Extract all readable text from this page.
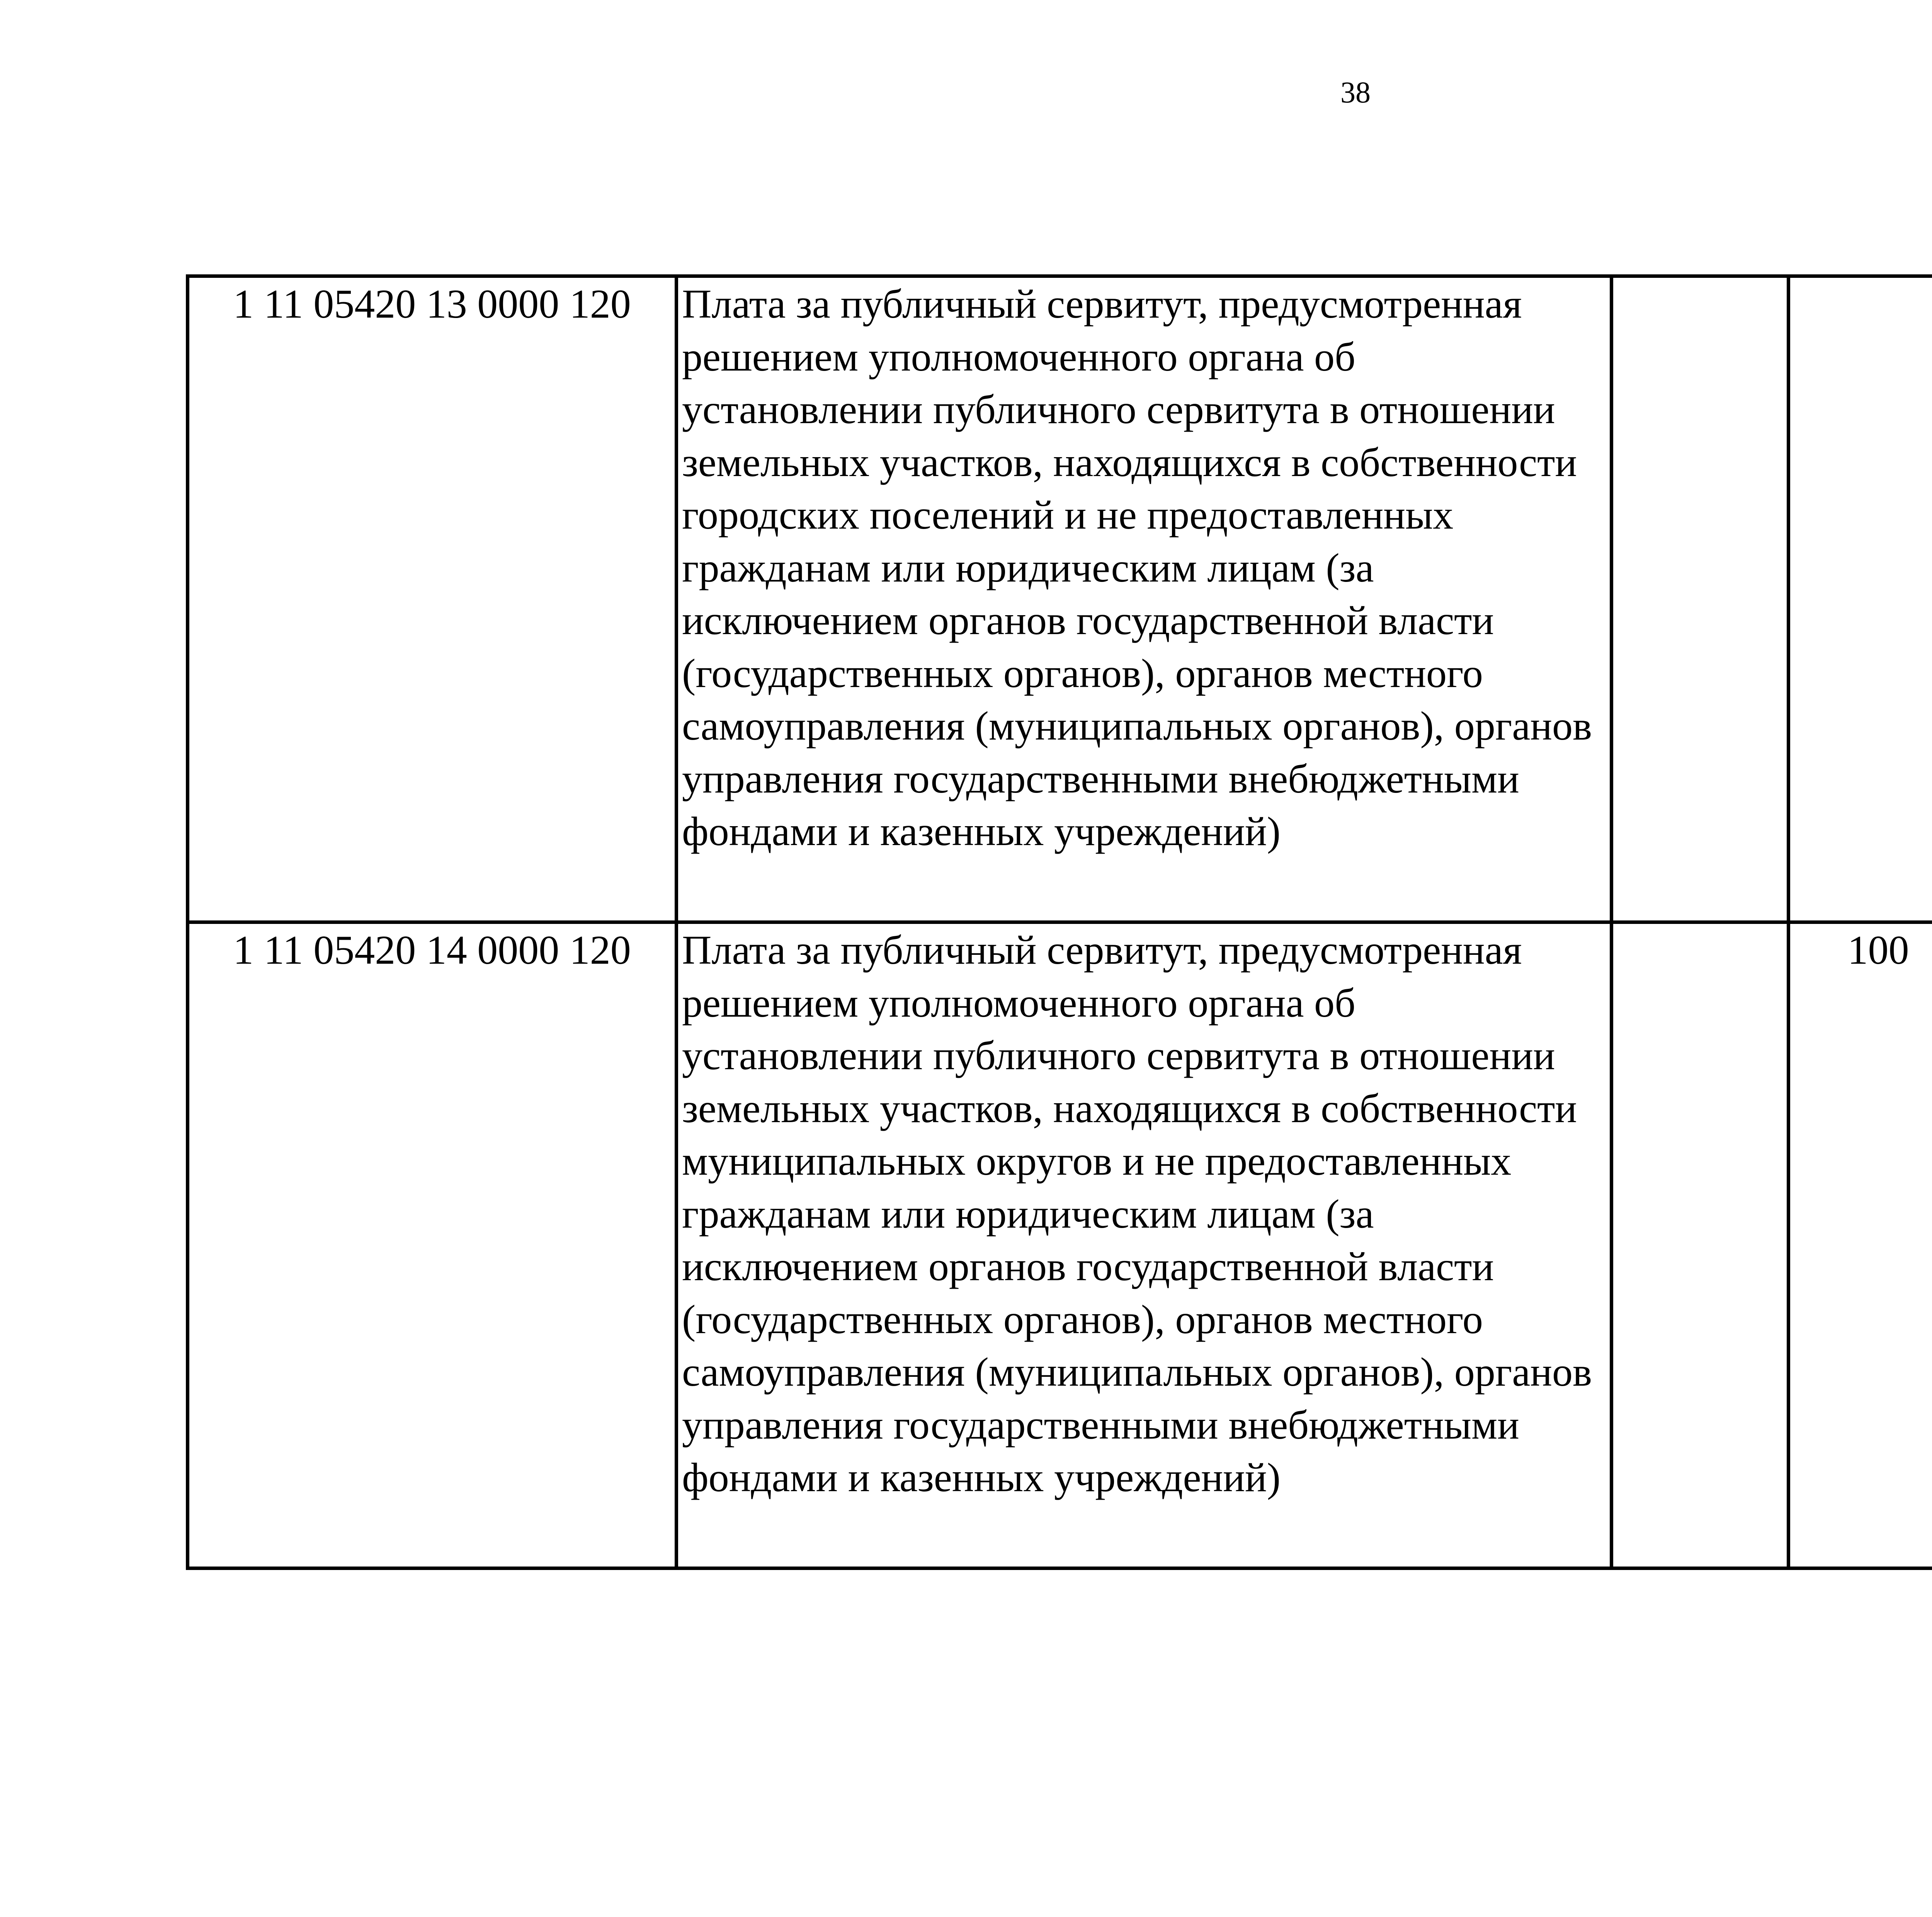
38
1 11 05420 13 0000 120	Плата за публичный сервитут, предусмотренная решением уполномоченного органа об установлении публичного сервитута в отношении земельных участков, находящихся в собственности городских поселений и не предоставленных гражданам или юридическим лицам (за исключением органов государственной власти (государственных органов), органов местного самоуправления (муниципальных органов), органов управления государственными внебюджетными фондами и казенных учреждений)					
1 11 05420 14 0000 120	Плата за публичный сервитут, предусмотренная решением уполномоченного органа об установлении публичного сервитута в отношении земельных участков, находящихся в собственности муниципальных округов и не предоставленных гражданам или юридическим лицам (за исключением органов государственной власти (государственных органов), органов местного самоуправления (муниципальных органов), органов управления государственными внебюджетными фондами и казенных учреждений)		100			
